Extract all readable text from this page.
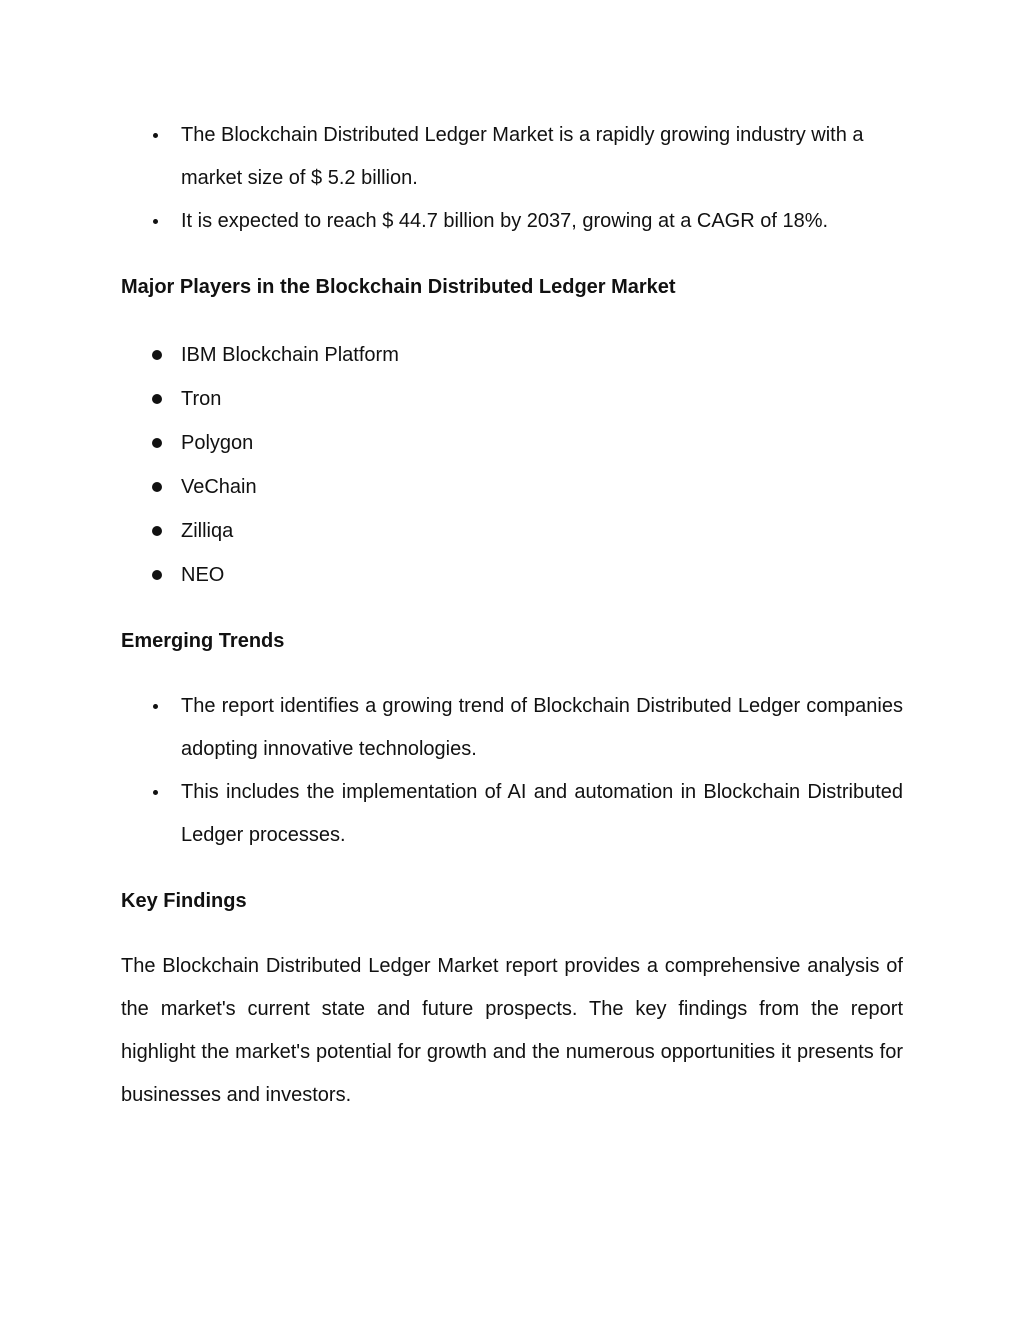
The Blockchain Distributed Ledger Market is a rapidly growing industry with a market size of $ 5.2 billion.
It is expected to reach $ 44.7 billion by 2037, growing at a CAGR of 18%.
Major Players in the Blockchain Distributed Ledger Market
IBM Blockchain Platform
Tron
Polygon
VeChain
Zilliqa
NEO
Emerging Trends
The report identifies a growing trend of Blockchain Distributed Ledger companies adopting innovative technologies.
This includes the implementation of AI and automation in Blockchain Distributed Ledger processes.
Key Findings

The Blockchain Distributed Ledger Market report provides a comprehensive analysis of the market's current state and future prospects. The key findings from the report highlight the market's potential for growth and the numerous opportunities it presents for businesses and investors.
